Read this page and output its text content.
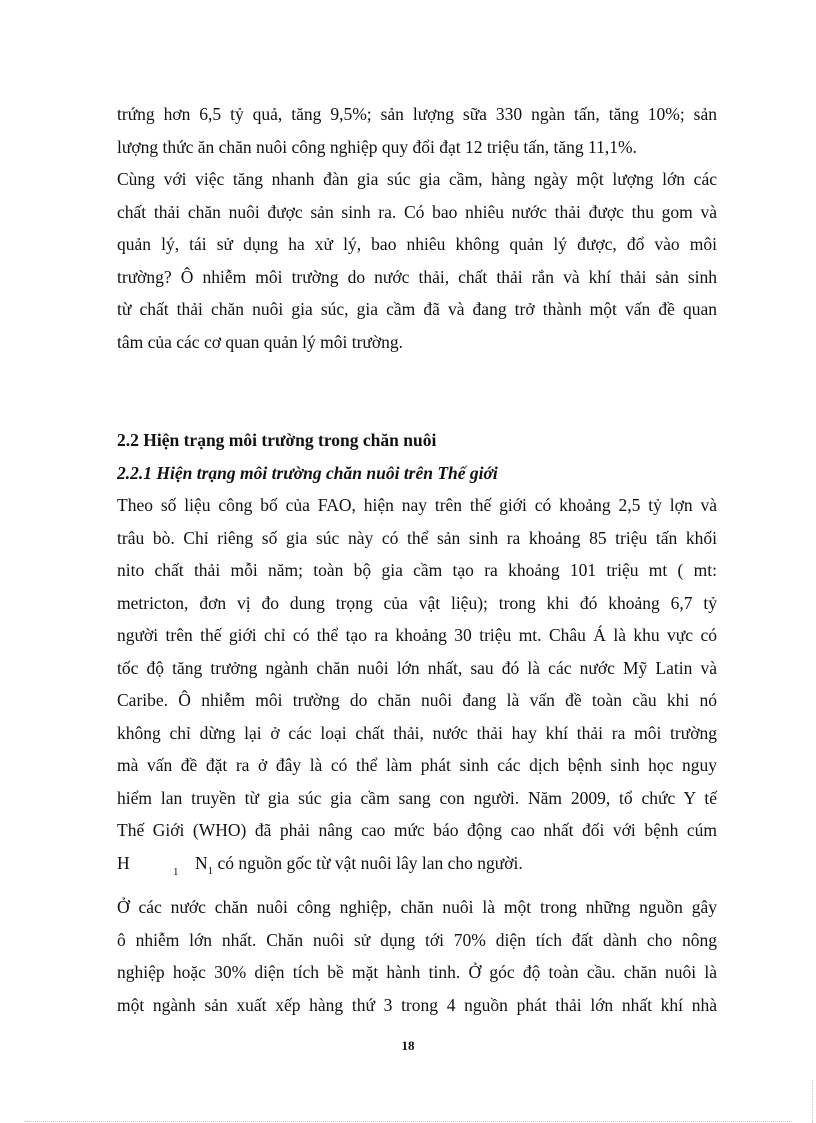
trứng hơn 6,5 tỷ quả, tăng 9,5%; sản lượng sữa 330 ngàn tấn, tăng 10%; sản
lượng thức ăn chăn nuôi công nghiệp quy đổi đạt 12 triệu tấn, tăng 11,1%.
Cùng với việc tăng nhanh đàn gia súc gia cầm, hàng ngày một lượng lớn các
chất thải chăn nuôi được sản sinh ra. Có bao nhiêu nước thải được thu gom và
quản lý, tái sử dụng ha xử lý, bao nhiêu không quản lý được, đổ vào môi
trường? Ô nhiễm môi trường do nước thải, chất thải rắn và khí thải sản sinh
từ chất thải chăn nuôi gia súc, gia cầm đã và đang trở thành một vấn đề quan
tâm của các cơ quan quản lý môi trường.
2.2 Hiện trạng môi trường trong chăn nuôi
2.2.1 Hiện trạng môi trường chăn nuôi trên Thế giới
Theo số liệu công bố của FAO, hiện nay trên thế giới có khoảng 2,5 tỷ lợn và
trâu bò. Chỉ riêng số gia súc này có thể sản sinh ra khoảng 85 triệu tấn khối
nito chất thải mỗi năm; toàn bộ gia cầm tạo ra khoảng 101 triệu mt ( mt:
metricton, đơn vị đo dung trọng của vật liệu); trong khi đó khoảng 6,7 tỷ
người trên thế giới chỉ có thể tạo ra khoảng 30 triệu mt. Châu Á là khu vực có
tốc độ tăng trưởng ngành chăn nuôi lớn nhất, sau đó là các nước Mỹ Latin và
Caribe. Ô nhiễm môi trường do chăn nuôi đang là vấn đề toàn cầu khi nó
không chỉ dừng lại ở các loại chất thải, nước thải hay khí thải ra môi trường
mà vấn đề đặt ra ở đây là có thể làm phát sinh các dịch bệnh sinh học nguy
hiểm lan truyền từ gia súc gia cầm sang con người. Năm 2009, tổ chức Y tế
Thế Giới (WHO) đã phải nâng cao mức báo động cao nhất đối với bệnh cúm
H	1 $N_1$ có nguồn gốc từ vật nuôi lây lan cho người.
Ở các nước chăn nuôi công nghiệp, chăn nuôi là một trong những nguồn gây
ô nhiễm lớn nhất. Chăn nuôi sử dụng tới 70% diện tích đất dành cho nông
nghiệp hoặc 30% diện tích bề mặt hành tinh. Ở góc độ toàn cầu. chăn nuôi là
một ngành sản xuất xếp hàng thứ 3 trong 4 nguồn phát thải lớn nhất khí nhà
18
